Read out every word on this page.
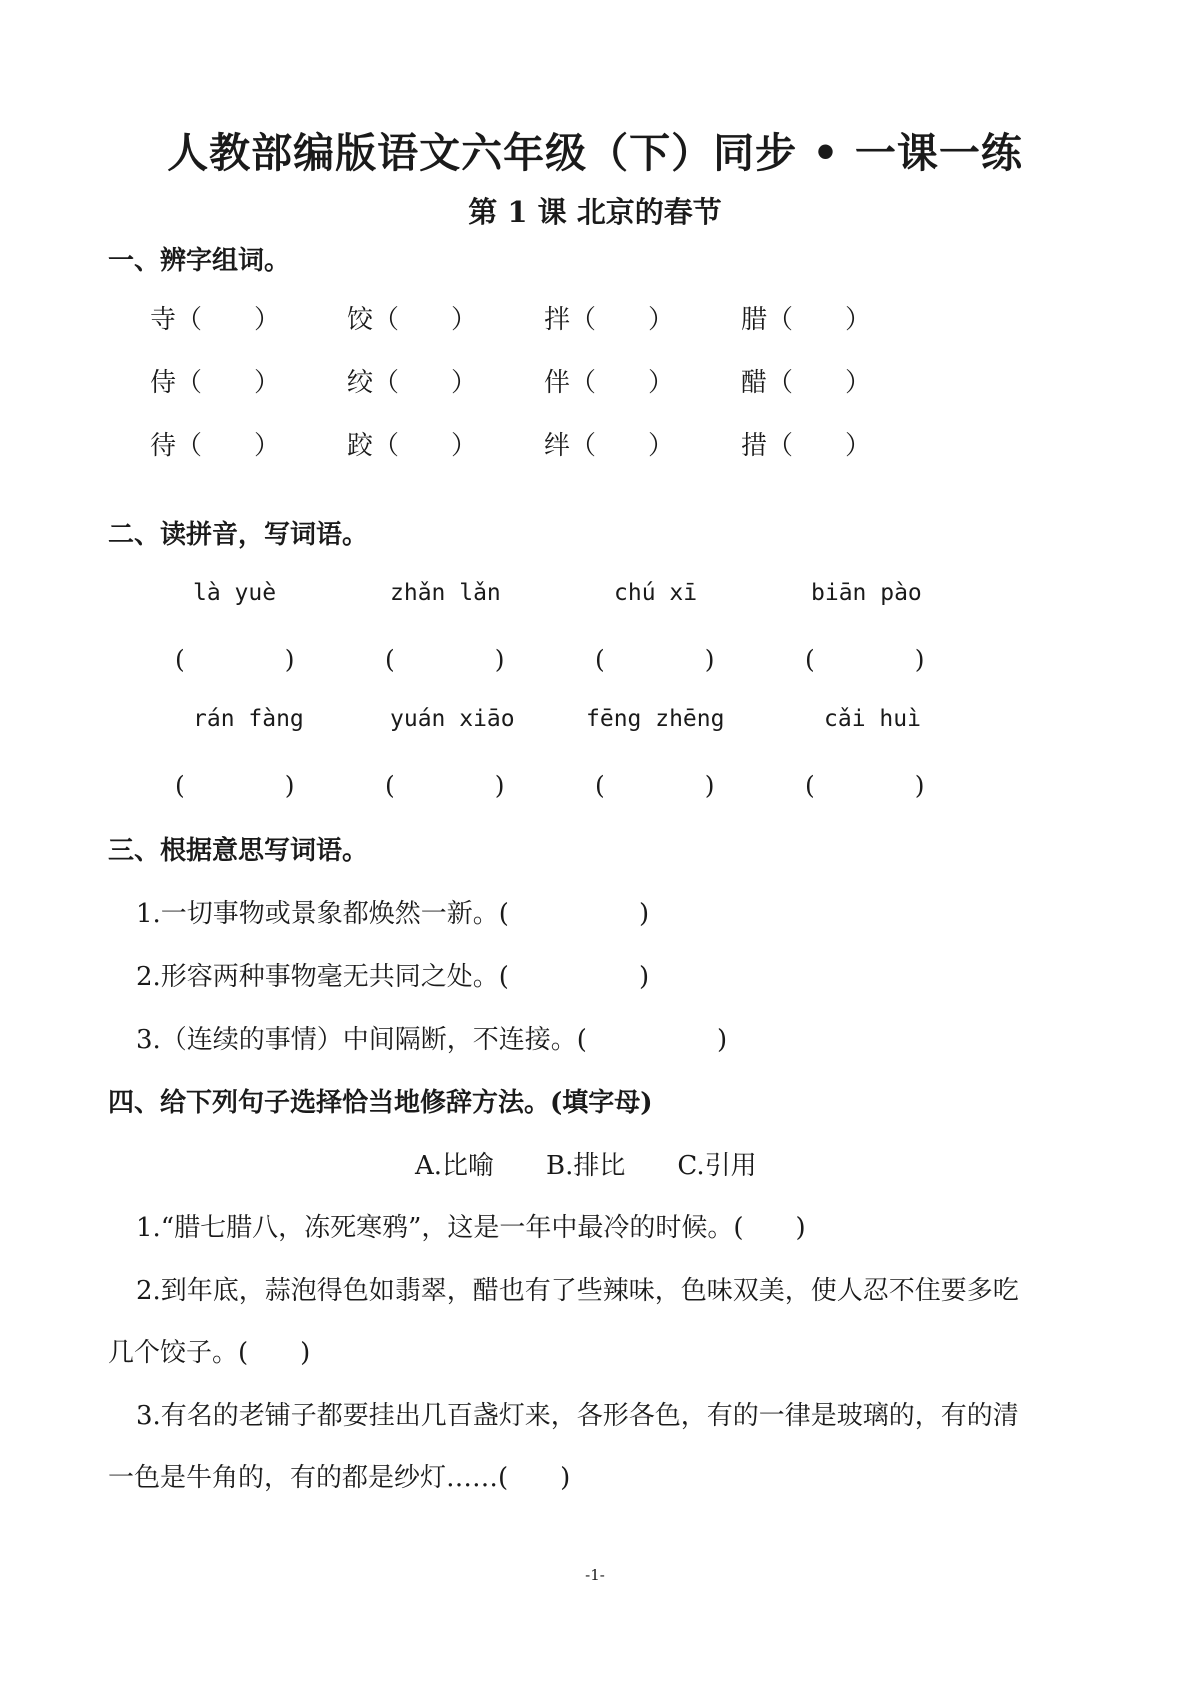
人教部编版语文六年级（下）同步 • 一课一练
第 1 课 北京的春节
一、辨字组词。
寺（　　）	饺（　　）	拌（　　）	腊（　　）
侍（　　）	绞（　　）	伴（　　）	醋（　　）
待（　　）	跤（　　）	绊（　　）	措（　　）
二、读拼音，写词语。
là yuè	zhǎn lǎn	chú xī	biān pào
(　　　　)	(　　　　)	(　　　　)	(　　　　)
rán fàng	yuán xiāo	fēng zhēng	cǎi huì
(　　　　)	(　　　　)	(　　　　)	(　　　　)
三、根据意思写词语。
1.一切事物或景象都焕然一新。(　　　　　)
2.形容两种事物毫无共同之处。(　　　　　)
3.（连续的事情）中间隔断，不连接。(　　　　　)
四、给下列句子选择恰当地修辞方法。(填字母)
A.比喻　　B.排比　　C.引用
1.“腊七腊八，冻死寒鸦”，这是一年中最冷的时候。(　　)
2.到年底，蒜泡得色如翡翠，醋也有了些辣味，色味双美，使人忍不住要多吃
几个饺子。(　　)
3.有名的老铺子都要挂出几百盏灯来，各形各色，有的一律是玻璃的，有的清
一色是牛角的，有的都是纱灯……(　　)
-1-
